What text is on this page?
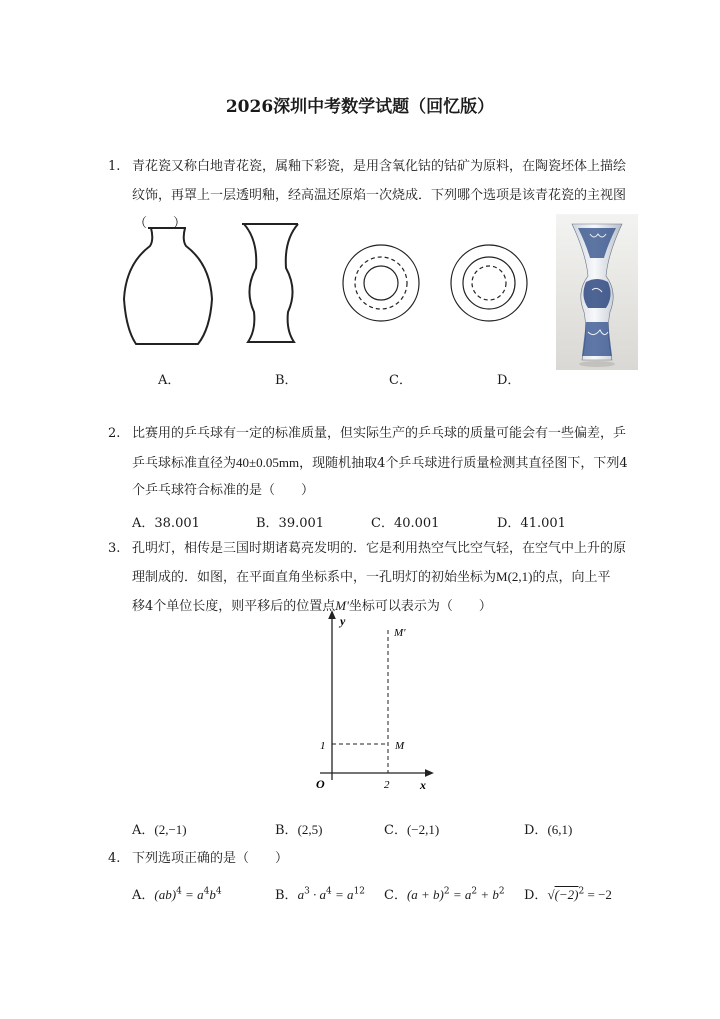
2026深圳中考数学试题（回忆版）
1. 青花瓷又称白地青花瓷，属釉下彩瓷，是用含氧化钴的钴矿为原料，在陶瓷坯体上描绘
纹饰，再罩上一层透明釉，经高温还原焰一次烧成．下列哪个选项是该青花瓷的主视图
（　　）
A．	B．	C．	D．
2. 比赛用的乒乓球有一定的标准质量，但实际生产的乒乓球的质量可能会有一些偏差，乒
乒乓球标准直径为40±0.05mm，现随机抽取4个乒乓球进行质量检测其直径图下，下列4
个乒乓球符合标准的是（　　）
A．38.001	B．39.001	C．40.001	D．41.001
3. 孔明灯，相传是三国时期诸葛亮发明的．它是利用热空气比空气轻，在空气中上升的原
理制成的．如图，在平面直角坐标系中，一孔明灯的初始坐标为M(2,1)的点，向上平
移4个单位长度，则平移后的位置点M'坐标可以表示为（　　）
y
x
O
1
2
M
M'
A．(2,−1)	B．(2,5)	C．(−2,1)	D．(6,1)
4. 下列选项正确的是（　　）
A．$(ab)^4 = a^4b^4$	B．$a^3 \cdot a^4 = a^{12}$ C．$(a + b)^2 = a^2 + b^2$ D．$√(-2)^2 = -2$
